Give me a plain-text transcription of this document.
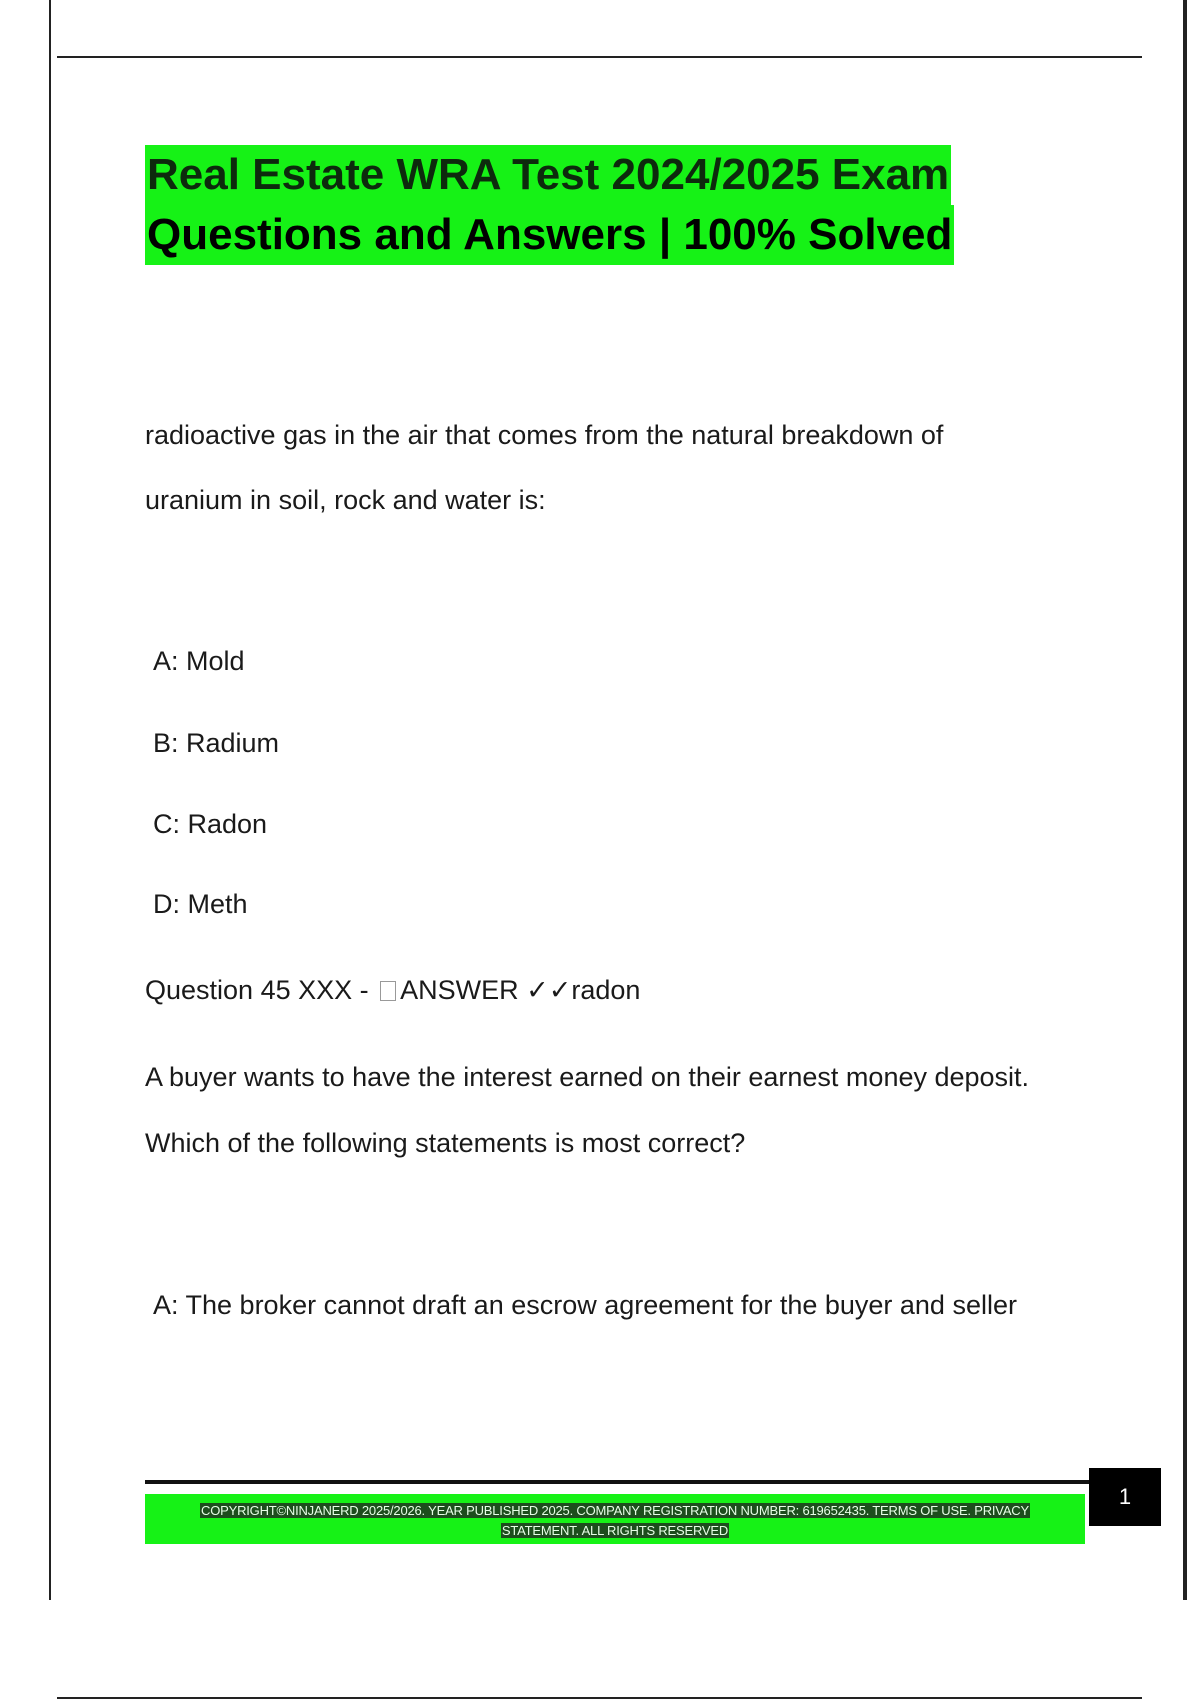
Real Estate WRA Test 2024/2025 Exam
Questions and Answers | 100% Solved
radioactive gas in the air that comes from the natural breakdown of
uranium in soil, rock and water is:
A: Mold
B: Radium
C: Radon
D: Meth
Question 45 XXX - ANSWER ✓✓radon
A buyer wants to have the interest earned on their earnest money deposit.
Which of the following statements is most correct?
A: The broker cannot draft an escrow agreement for the buyer and seller
COPYRIGHT©NINJANERD 2025/2026. YEAR PUBLISHED 2025. COMPANY REGISTRATION NUMBER: 619652435. TERMS OF USE. PRIVACY
STATEMENT. ALL RIGHTS RESERVED
1
